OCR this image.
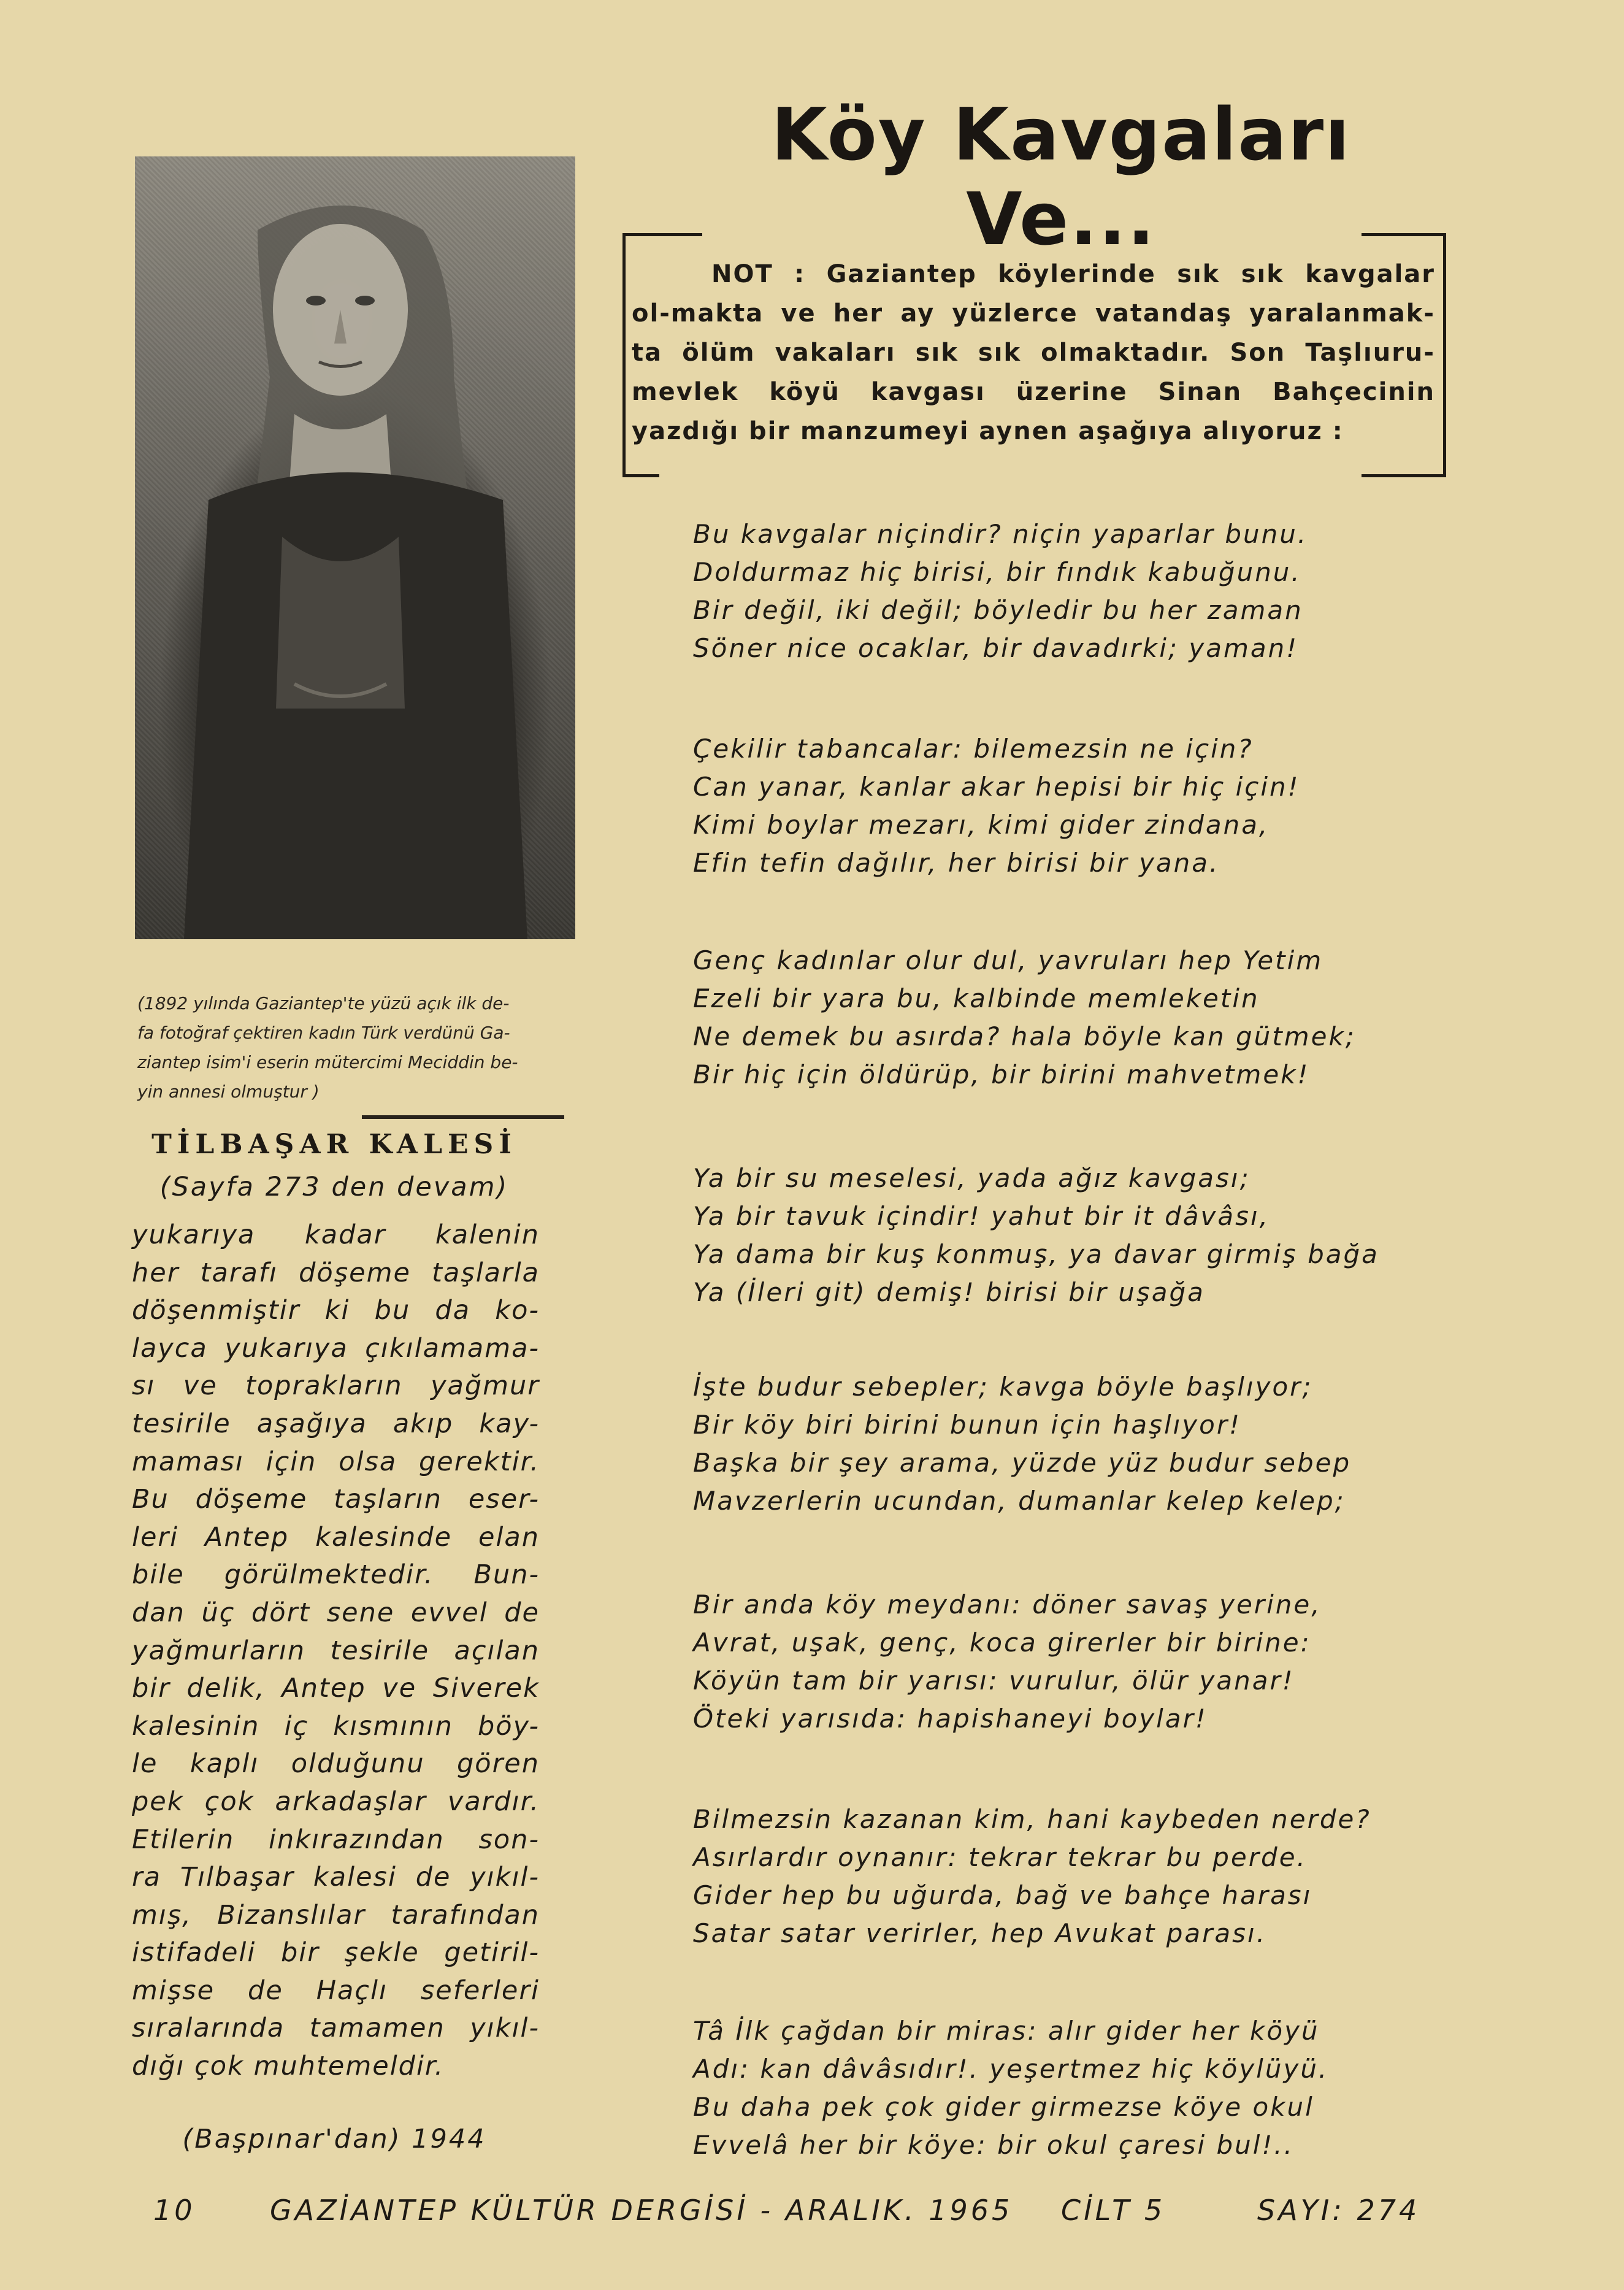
Köy Kavgaları Ve...
(1892 yılında Gaziantep'te yüzü açık ilk de-
fa fotoğraf çektiren kadın Türk verdünü Ga-
ziantep isim'i eserin mütercimi Meciddin be-
yin annesi olmuştur )
TİLBAŞAR KALESİ
(Sayfa 273 den devam)
yukarıya kadar kalenin
her tarafı döşeme taşlarla
döşenmiştir ki bu da ko-
layca yukarıya çıkılamama-
sı ve toprakların yağmur
tesirile aşağıya akıp kay-
maması için olsa gerektir.
Bu döşeme taşların eser-
leri Antep kalesinde elan
bile görülmektedir. Bun-
dan üç dört sene evvel de
yağmurların tesirile açılan
bir delik, Antep ve Siverek
kalesinin iç kısmının böy-
le kaplı olduğunu gören
pek çok arkadaşlar vardır.
Etilerin inkırazından son-
ra Tılbaşar kalesi de yıkıl-
mış, Bizanslılar tarafından
istifadeli bir şekle getiril-
mişse de Haçlı seferleri
sıralarında tamamen yıkıl-
dığı çok muhtemeldir.
(Başpınar'dan) 1944
NOT : Gaziantep köylerinde sık sık kavgalar
ol-makta ve her ay yüzlerce vatandaş yaralanmak-
ta ölüm vakaları sık sık olmaktadır. Son Taşlıuru-
mevlek köyü kavgası üzerine Sinan Bahçecinin
yazdığı bir manzumeyi aynen aşağıya alıyoruz :
Bu kavgalar niçindir? niçin yaparlar bunu.
Doldurmaz hiç birisi, bir fındık kabuğunu.
Bir değil, iki değil; böyledir bu her zaman
Söner nice ocaklar, bir davadırki; yaman!
Çekilir tabancalar: bilemezsin ne için?
Can yanar, kanlar akar hepisi bir hiç için!
Kimi boylar mezarı, kimi gider zindana,
Efin tefin dağılır, her birisi bir yana.
Genç kadınlar olur dul, yavruları hep Yetim
Ezeli bir yara bu, kalbinde memleketin
Ne demek bu asırda? hala böyle kan gütmek;
Bir hiç için öldürüp, bir birini mahvetmek!
Ya bir su meselesi, yada ağız kavgası;
Ya bir tavuk içindir! yahut bir it dâvâsı,
Ya dama bir kuş konmuş, ya davar girmiş bağa
Ya (İleri git) demiş! birisi bir uşağa
İşte budur sebepler; kavga böyle başlıyor;
Bir köy biri birini bunun için haşlıyor!
Başka bir şey arama, yüzde yüz budur sebep
Mavzerlerin ucundan, dumanlar kelep kelep;
Bir anda köy meydanı: döner savaş yerine,
Avrat, uşak, genç, koca girerler bir birine:
Köyün tam bir yarısı: vurulur, ölür yanar!
Öteki yarısıda: hapishaneyi boylar!
Bilmezsin kazanan kim, hani kaybeden nerde?
Asırlardır oynanır: tekrar tekrar bu perde.
Gider hep bu uğurda, bağ ve bahçe harası
Satar satar verirler, hep Avukat parası.
Tâ İlk çağdan bir miras: alır gider her köyü
Adı: kan dâvâsıdır!. yeşertmez hiç köylüyü.
Bu daha pek çok gider girmezse köye okul
Evvelâ her bir köye: bir okul çaresi bul!..
10	GAZİANTEP KÜLTÜR DERGİSİ - ARALIK. 1965 CİLT 5	SAYI: 274
